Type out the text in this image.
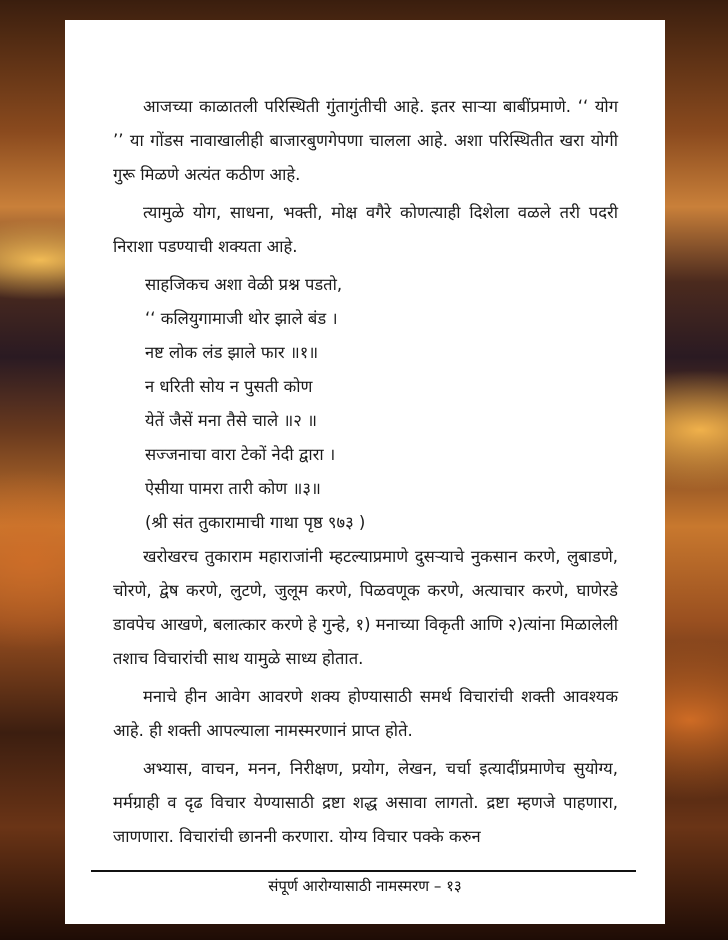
आजच्या काळातली परिस्थिती गुंतागुंतीची आहे. इतर साऱ्या बाबींप्रमाणे. ‘‘ योग ’’ या गोंडस नावाखालीही बाजारबुणगेपणा चालला आहे. अशा परिस्थितीत खरा योगी गुरू मिळणे अत्यंत कठीण आहे.

त्यामुळे योग, साधना, भक्ती, मोक्ष वगैरे कोणत्याही दिशेला वळले तरी पदरी निराशा पडण्याची शक्यता आहे.

साहजिकच अशा वेळी प्रश्न पडतो,

‘‘ कलियुगामाजी थोर झाले बंड ।

नष्ट लोक लंड झाले फार ॥१॥

न धरिती सोय न पुसती कोण

येतें जैसें मना तैसे चाले ॥२ ॥

सज्जनाचा वारा टेकों नेदी द्वारा ।

ऐसीया पामरा तारी कोण ॥३॥

(श्री संत तुकारामाची गाथा पृष्ठ ९७३ )

खरोखरच तुकाराम महाराजांनी म्हटल्याप्रमाणे दुसऱ्याचे नुकसान करणे, लुबाडणे, चोरणे, द्वेष करणे, लुटणे, जुलूम करणे, पिळवणूक करणे, अत्याचार करणे, घाणेरडे डावपेच आखणे, बलात्कार करणे हे गुन्हे, १) मनाच्या विकृती आणि २)त्यांना मिळालेली तशाच विचारांची साथ यामुळे साध्य होतात.

मनाचे हीन आवेग आवरणे शक्य होण्यासाठी समर्थ विचारांची शक्ती आवश्यक आहे. ही शक्ती आपल्याला नामस्मरणानं प्राप्त होते.

अभ्यास, वाचन, मनन, निरीक्षण, प्रयोग, लेखन, चर्चा इत्यादींप्रमाणेच सुयोग्य, मर्मग्राही व दृढ विचार येण्यासाठी द्रष्टा शद्ध असावा लागतो. द्रष्टा म्हणजे पाहणारा, जाणणारा. विचारांची छाननी करणारा. योग्य विचार पक्के करुन

संपूर्ण आरोग्यासाठी नामस्मरण – १३
